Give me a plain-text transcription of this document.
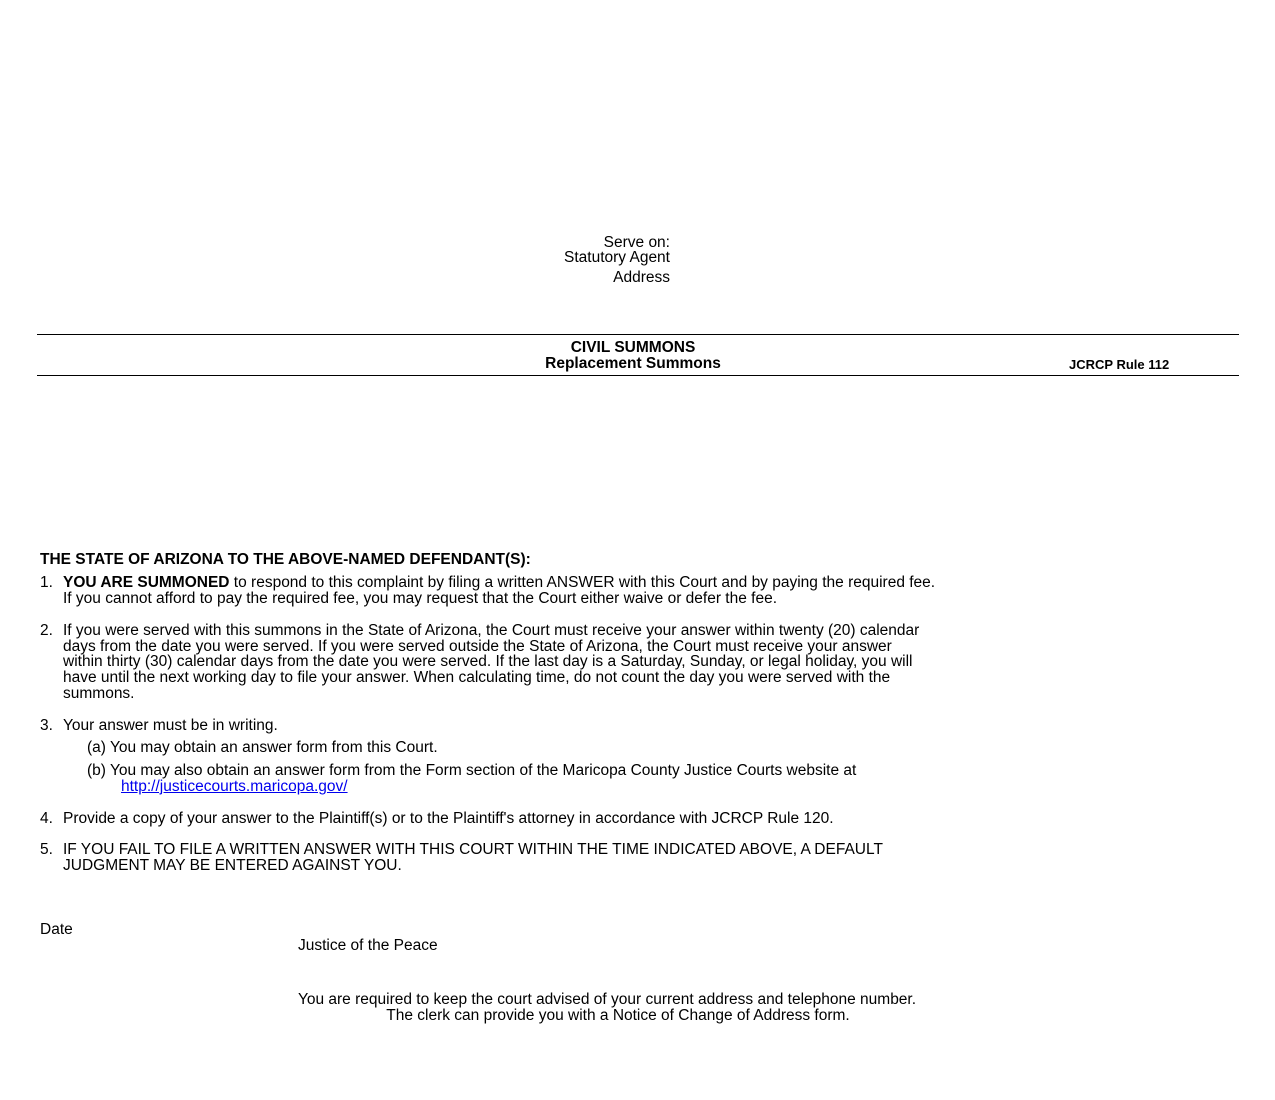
Serve on:
Statutory Agent
Address
CIVIL SUMMONS
Replacement Summons	JCRCP Rule 112
THE STATE OF ARIZONA TO THE ABOVE-NAMED DEFENDANT(S):
1. YOU ARE SUMMONED to respond to this complaint by filing a written ANSWER with this Court and by paying the required fee.
If you cannot afford to pay the required fee, you may request that the Court either waive or defer the fee.
2. If you were served with this summons in the State of Arizona, the Court must receive your answer within twenty (20) calendar
days from the date you were served. If you were served outside the State of Arizona, the Court must receive your answer
within thirty (30) calendar days from the date you were served. If the last day is a Saturday, Sunday, or legal holiday, you will
have until the next working day to file your answer. When calculating time, do not count the day you were served with the
summons.
3. Your answer must be in writing.
(a) You may obtain an answer form from this Court.
(b) You may also obtain an answer form from the Form section of the Maricopa County Justice Courts website at
http://justicecourts.maricopa.gov/
4. Provide a copy of your answer to the Plaintiff(s) or to the Plaintiff's attorney in accordance with JCRCP Rule 120.
5. IF YOU FAIL TO FILE A WRITTEN ANSWER WITH THIS COURT WITHIN THE TIME INDICATED ABOVE, A DEFAULT
JUDGMENT MAY BE ENTERED AGAINST YOU.
Date
Justice of the Peace
You are required to keep the court advised of your current address and telephone number.
The clerk can provide you with a Notice of Change of Address form.
